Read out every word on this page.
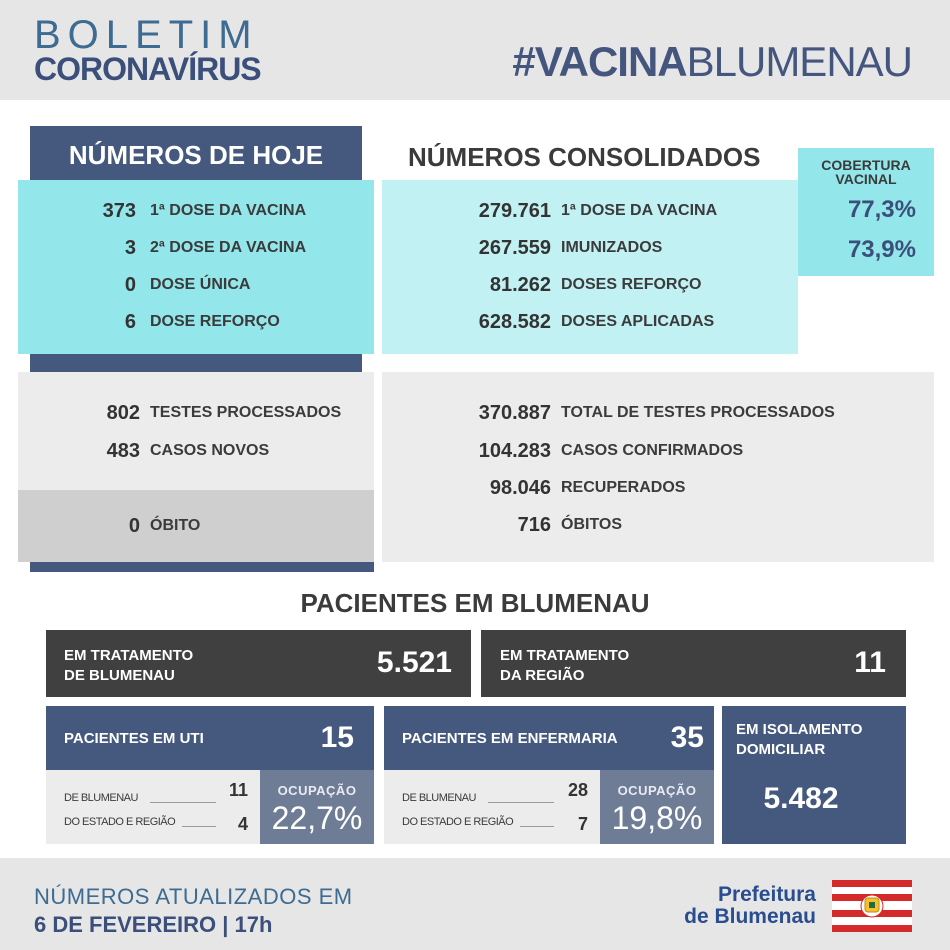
BOLETIM
CORONAVÍRUS	#VACINABLUMENAU
NÚMEROS DE HOJE
373 1ª DOSE DA VACINA
3 2ª DOSE DA VACINA
0 DOSE ÚNICA
6 DOSE REFORÇO
802 TESTES PROCESSADOS
483 CASOS NOVOS
0 ÓBITO
NÚMEROS CONSOLIDADOS	COBERTURA
VACINAL
77,3%
73,9%
279.761 1ª DOSE DA VACINA
267.559 IMUNIZADOS
81.262 DOSES REFORÇO
628.582 DOSES APLICADAS
370.887 TOTAL DE TESTES PROCESSADOS
104.283 CASOS CONFIRMADOS
98.046 RECUPERADOS
716 ÓBITOS
PACIENTES EM BLUMENAU
EM TRATAMENTO
DE BLUMENAU	5.521	EM TRATAMENTO
DA REGIÃO	11
PACIENTES EM UTI	15
DE BLUMENAU	11
DO ESTADO E REGIÃO	4
OCUPAÇÃO
22,7%
PACIENTES EM ENFERMARIA	35
DE BLUMENAU	28
DO ESTADO E REGIÃO	7
OCUPAÇÃO
19,8%
EM ISOLAMENTO
DOMICILIAR
5.482
NÚMEROS ATUALIZADOS EM
6 DE FEVEREIRO | 17h
Prefeitura
de Blumenau
